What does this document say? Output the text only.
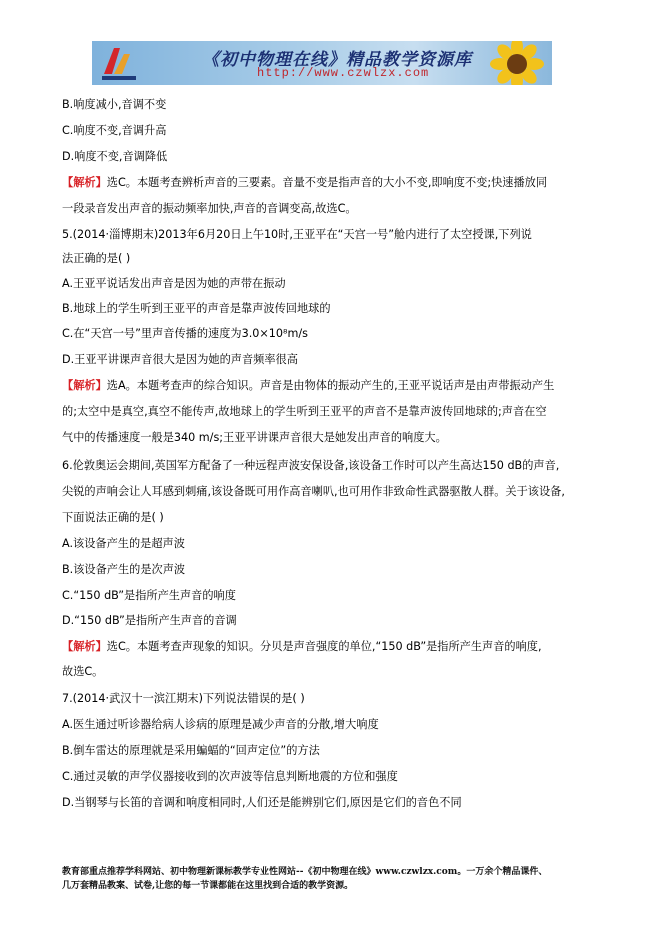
《初中物理在线》精品教学资源库
http://www.czwlzx.com
B.响度减小,音调不变
C.响度不变,音调升高
D.响度不变,音调降低
【解析】选C。本题考查辨析声音的三要素。音量不变是指声音的大小不变,即响度不变;快速播放同
一段录音发出声音的振动频率加快,声音的音调变高,故选C。
5.(2014·淄博期末)2013年6月20日上午10时,王亚平在“天宫一号”舱内进行了太空授课,下列说
法正确的是( )
A.王亚平说话发出声音是因为她的声带在振动
B.地球上的学生听到王亚平的声音是靠声波传回地球的
C.在“天宫一号”里声音传播的速度为3.0×10⁸m/s
D.王亚平讲课声音很大是因为她的声音频率很高
【解析】选A。本题考查声的综合知识。声音是由物体的振动产生的,王亚平说话声是由声带振动产生
的;太空中是真空,真空不能传声,故地球上的学生听到王亚平的声音不是靠声波传回地球的;声音在空
气中的传播速度一般是340 m/s;王亚平讲课声音很大是她发出声音的响度大。
6.伦敦奥运会期间,英国军方配备了一种远程声波安保设备,该设备工作时可以产生高达150 dB的声音,
尖锐的声响会让人耳感到刺痛,该设备既可用作高音喇叭,也可用作非致命性武器驱散人群。关于该设备,
下面说法正确的是( )
A.该设备产生的是超声波
B.该设备产生的是次声波
C.“150 dB”是指所产生声音的响度
D.“150 dB”是指所产生声音的音调
【解析】选C。本题考查声现象的知识。分贝是声音强度的单位,“150 dB”是指所产生声音的响度,
故选C。
7.(2014·武汉十一滨江期末)下列说法错误的是( )
A.医生通过听诊器给病人诊病的原理是减少声音的分散,增大响度
B.倒车雷达的原理就是采用蝙蝠的“回声定位”的方法
C.通过灵敏的声学仪器接收到的次声波等信息判断地震的方位和强度
D.当钢琴与长笛的音调和响度相同时,人们还是能辨别它们,原因是它们的音色不同
教育部重点推荐学科网站、初中物理新课标教学专业性网站--《初中物理在线》www.czwlzx.com。一万余个精品课件、
几万套精品教案、试卷,让您的每一节课都能在这里找到合适的教学资源。
